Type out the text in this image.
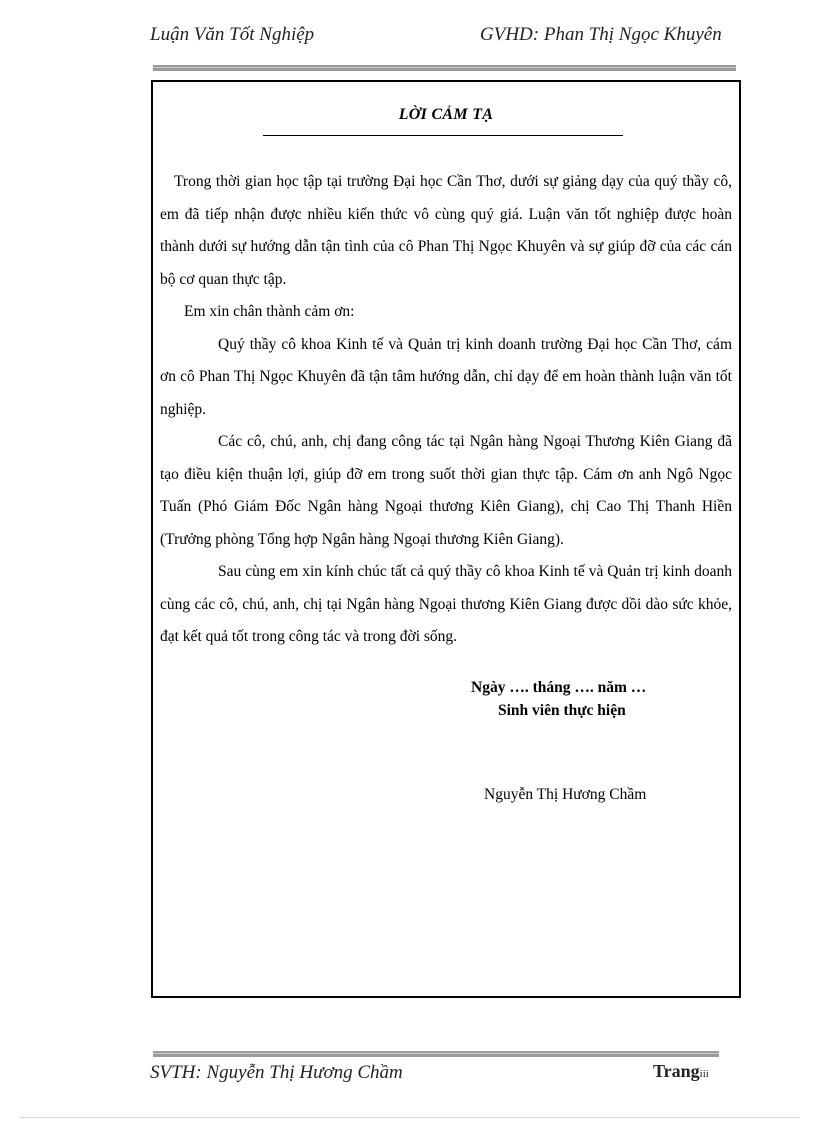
Luận Văn Tốt Nghiệp	GVHD: Phan Thị Ngọc Khuyên
LỜI CẢM TẠ

Trong thời gian học tập tại trường Đại học Cần Thơ, dưới sự giảng dạy của quý thầy cô, em đã tiếp nhận được nhiều kiến thức vô cùng quý giá. Luận văn tốt nghiệp được hoàn thành dưới sự hướng dẫn tận tình của cô Phan Thị Ngọc Khuyên và sự giúp đỡ của các cán bộ cơ quan thực tập.

Em xin chân thành cảm ơn:

Quý thầy cô khoa Kinh tế và Quản trị kinh doanh trường Đại học Cần Thơ, cám ơn cô Phan Thị Ngọc Khuyên đã tận tâm hướng dẫn, chỉ dạy để em hoàn thành luận văn tốt nghiệp.

Các cô, chú, anh, chị đang công tác tại Ngân hàng Ngoại Thương Kiên Giang đã tạo điều kiện thuận lợi, giúp đỡ em trong suốt thời gian thực tập. Cám ơn anh Ngô Ngọc Tuấn (Phó Giám Đốc Ngân hàng Ngoại thương Kiên Giang), chị Cao Thị Thanh Hiền (Trưởng phòng Tổng hợp Ngân hàng Ngoại thương Kiên Giang).

Sau cùng em xin kính chúc tất cả quý thầy cô khoa Kinh tế và Quản trị kinh doanh cùng các cô, chú, anh, chị tại Ngân hàng Ngoại thương Kiên Giang được dồi dào sức khỏe, đạt kết quả tốt trong công tác và trong đời sống.

Ngày …. tháng …. năm …
Sinh viên thực hiện
Nguyễn Thị Hương Chầm
SVTH: Nguyễn Thị Hương Chầm	Trangiii
